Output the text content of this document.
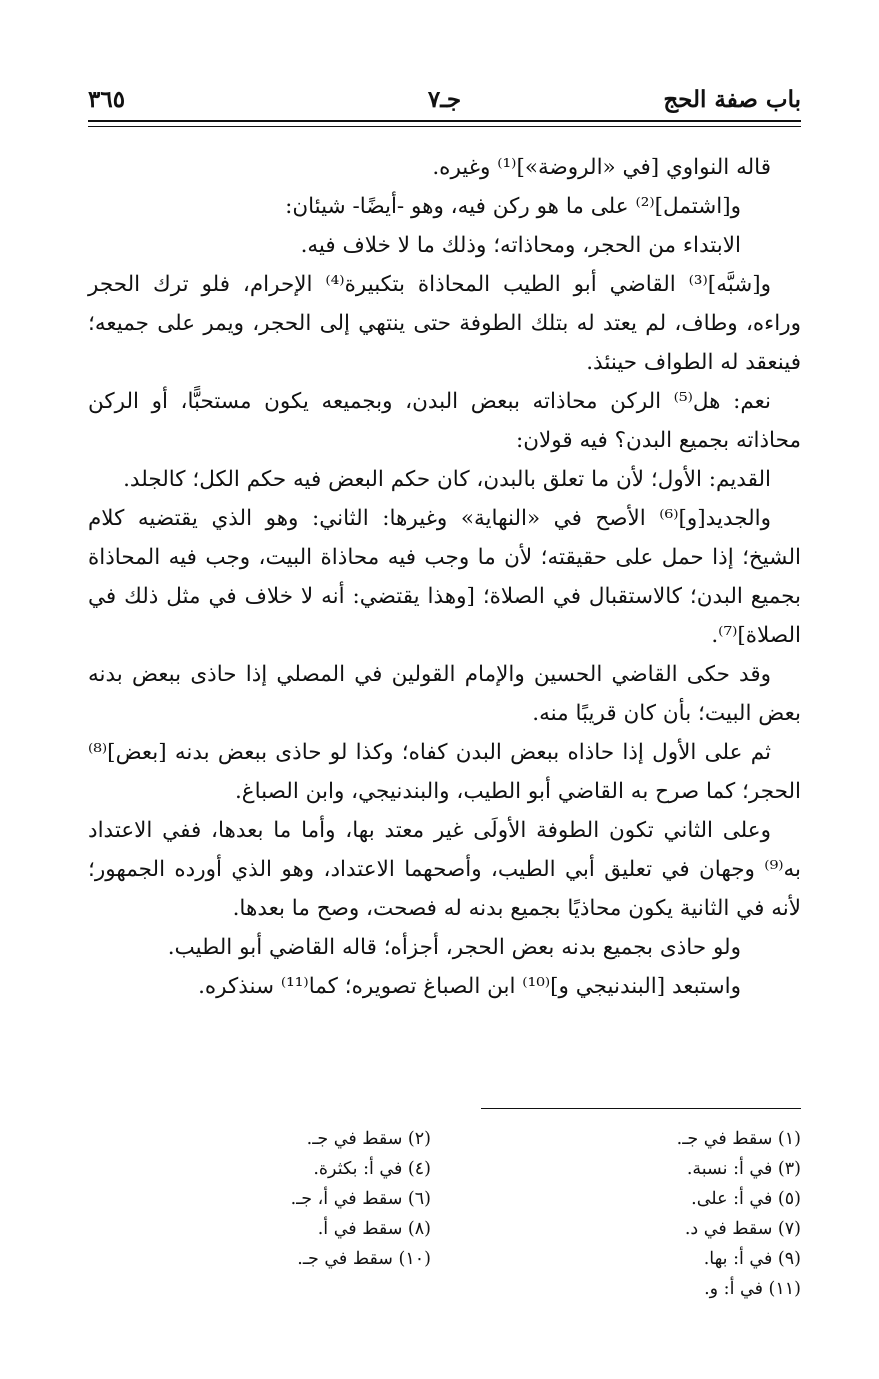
باب صفة الحج
جـ٧
٣٦٥

قاله النواوي [في «الروضة»]⁽¹⁾ وغيره.

و[اشتمل]⁽²⁾ على ما هو ركن فيه، وهو -أيضًا- شيئان:

الابتداء من الحجر، ومحاذاته؛ وذلك ما لا خلاف فيه.

و[شبَّه]⁽³⁾ القاضي أبو الطيب المحاذاة بتكبيرة⁽⁴⁾ الإحرام، فلو ترك الحجر وراءه، وطاف، لم يعتد له بتلك الطوفة حتى ينتهي إلى الحجر، ويمر على جميعه؛ فينعقد له الطواف حينئذ.

نعم: هل⁽⁵⁾ الركن محاذاته ببعض البدن، وبجميعه يكون مستحبًّا، أو الركن محاذاته بجميع البدن؟ فيه قولان:

القديم: الأول؛ لأن ما تعلق بالبدن، كان حكم البعض فيه حكم الكل؛ كالجلد.

والجديد[و]⁽⁶⁾ الأصح في «النهاية» وغيرها: الثاني: وهو الذي يقتضيه كلام الشيخ؛ إذا حمل على حقيقته؛ لأن ما وجب فيه محاذاة البيت، وجب فيه المحاذاة بجميع البدن؛ كالاستقبال في الصلاة؛ [وهذا يقتضي: أنه لا خلاف في مثل ذلك في الصلاة]⁽⁷⁾.

وقد حكى القاضي الحسين والإمام القولين في المصلي إذا حاذى ببعض بدنه بعض البيت؛ بأن كان قريبًا منه.

ثم على الأول إذا حاذاه ببعض البدن كفاه؛ وكذا لو حاذى ببعض بدنه [بعض]⁽⁸⁾ الحجر؛ كما صرح به القاضي أبو الطيب، والبندنيجي، وابن الصباغ.

وعلى الثاني تكون الطوفة الأولَى غير معتد بها، وأما ما بعدها، ففي الاعتداد به⁽⁹⁾ وجهان في تعليق أبي الطيب، وأصحهما الاعتداد، وهو الذي أورده الجمهور؛ لأنه في الثانية يكون محاذيًا بجميع بدنه له فصحت، وصح ما بعدها.

ولو حاذى بجميع بدنه بعض الحجر، أجزأه؛ قاله القاضي أبو الطيب.

واستبعد [البندنيجي و]⁽¹⁰⁾ ابن الصباغ تصويره؛ كما⁽¹¹⁾ سنذكره.

(١) سقط في جـ.
(٣) في أ: نسبة.
(٥) في أ: على.
(٧) سقط في د.
(٩) في أ: بها.
(١١) في أ: و.
(٢) سقط في جـ.
(٤) في أ: بكثرة.
(٦) سقط في أ، جـ.
(٨) سقط في أ.
(١٠) سقط في جـ.
